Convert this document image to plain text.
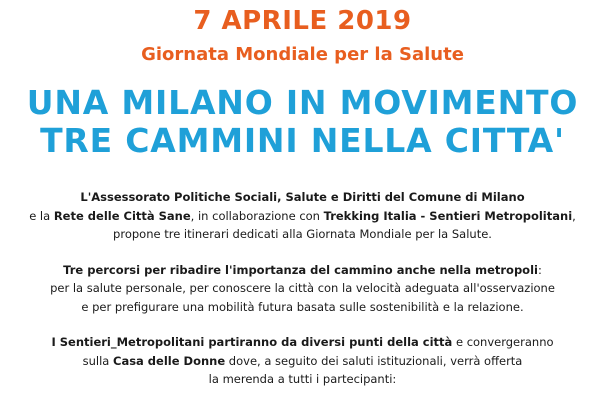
7 APRILE 2019
Giornata Mondiale per la Salute
UNA MILANO IN MOVIMENTO
TRE CAMMINI NELLA CITTA'

L'Assessorato Politiche Sociali, Salute e Diritti del Comune di Milano

e la Rete delle Città Sane, in collaborazione con Trekking Italia - Sentieri Metropolitani,

propone tre itinerari dedicati alla Giornata Mondiale per la Salute.

Tre percorsi per ribadire l'importanza del cammino anche nella metropoli:

per la salute personale, per conoscere la città con la velocità adeguata all'osservazione

e per prefigurare una mobilità futura basata sulle sostenibilità e la relazione.

I Sentieri_Metropolitani partiranno da diversi punti della città e convergeranno

sulla Casa delle Donne dove, a seguito dei saluti istituzionali, verrà offerta

la merenda a tutti i partecipanti:
